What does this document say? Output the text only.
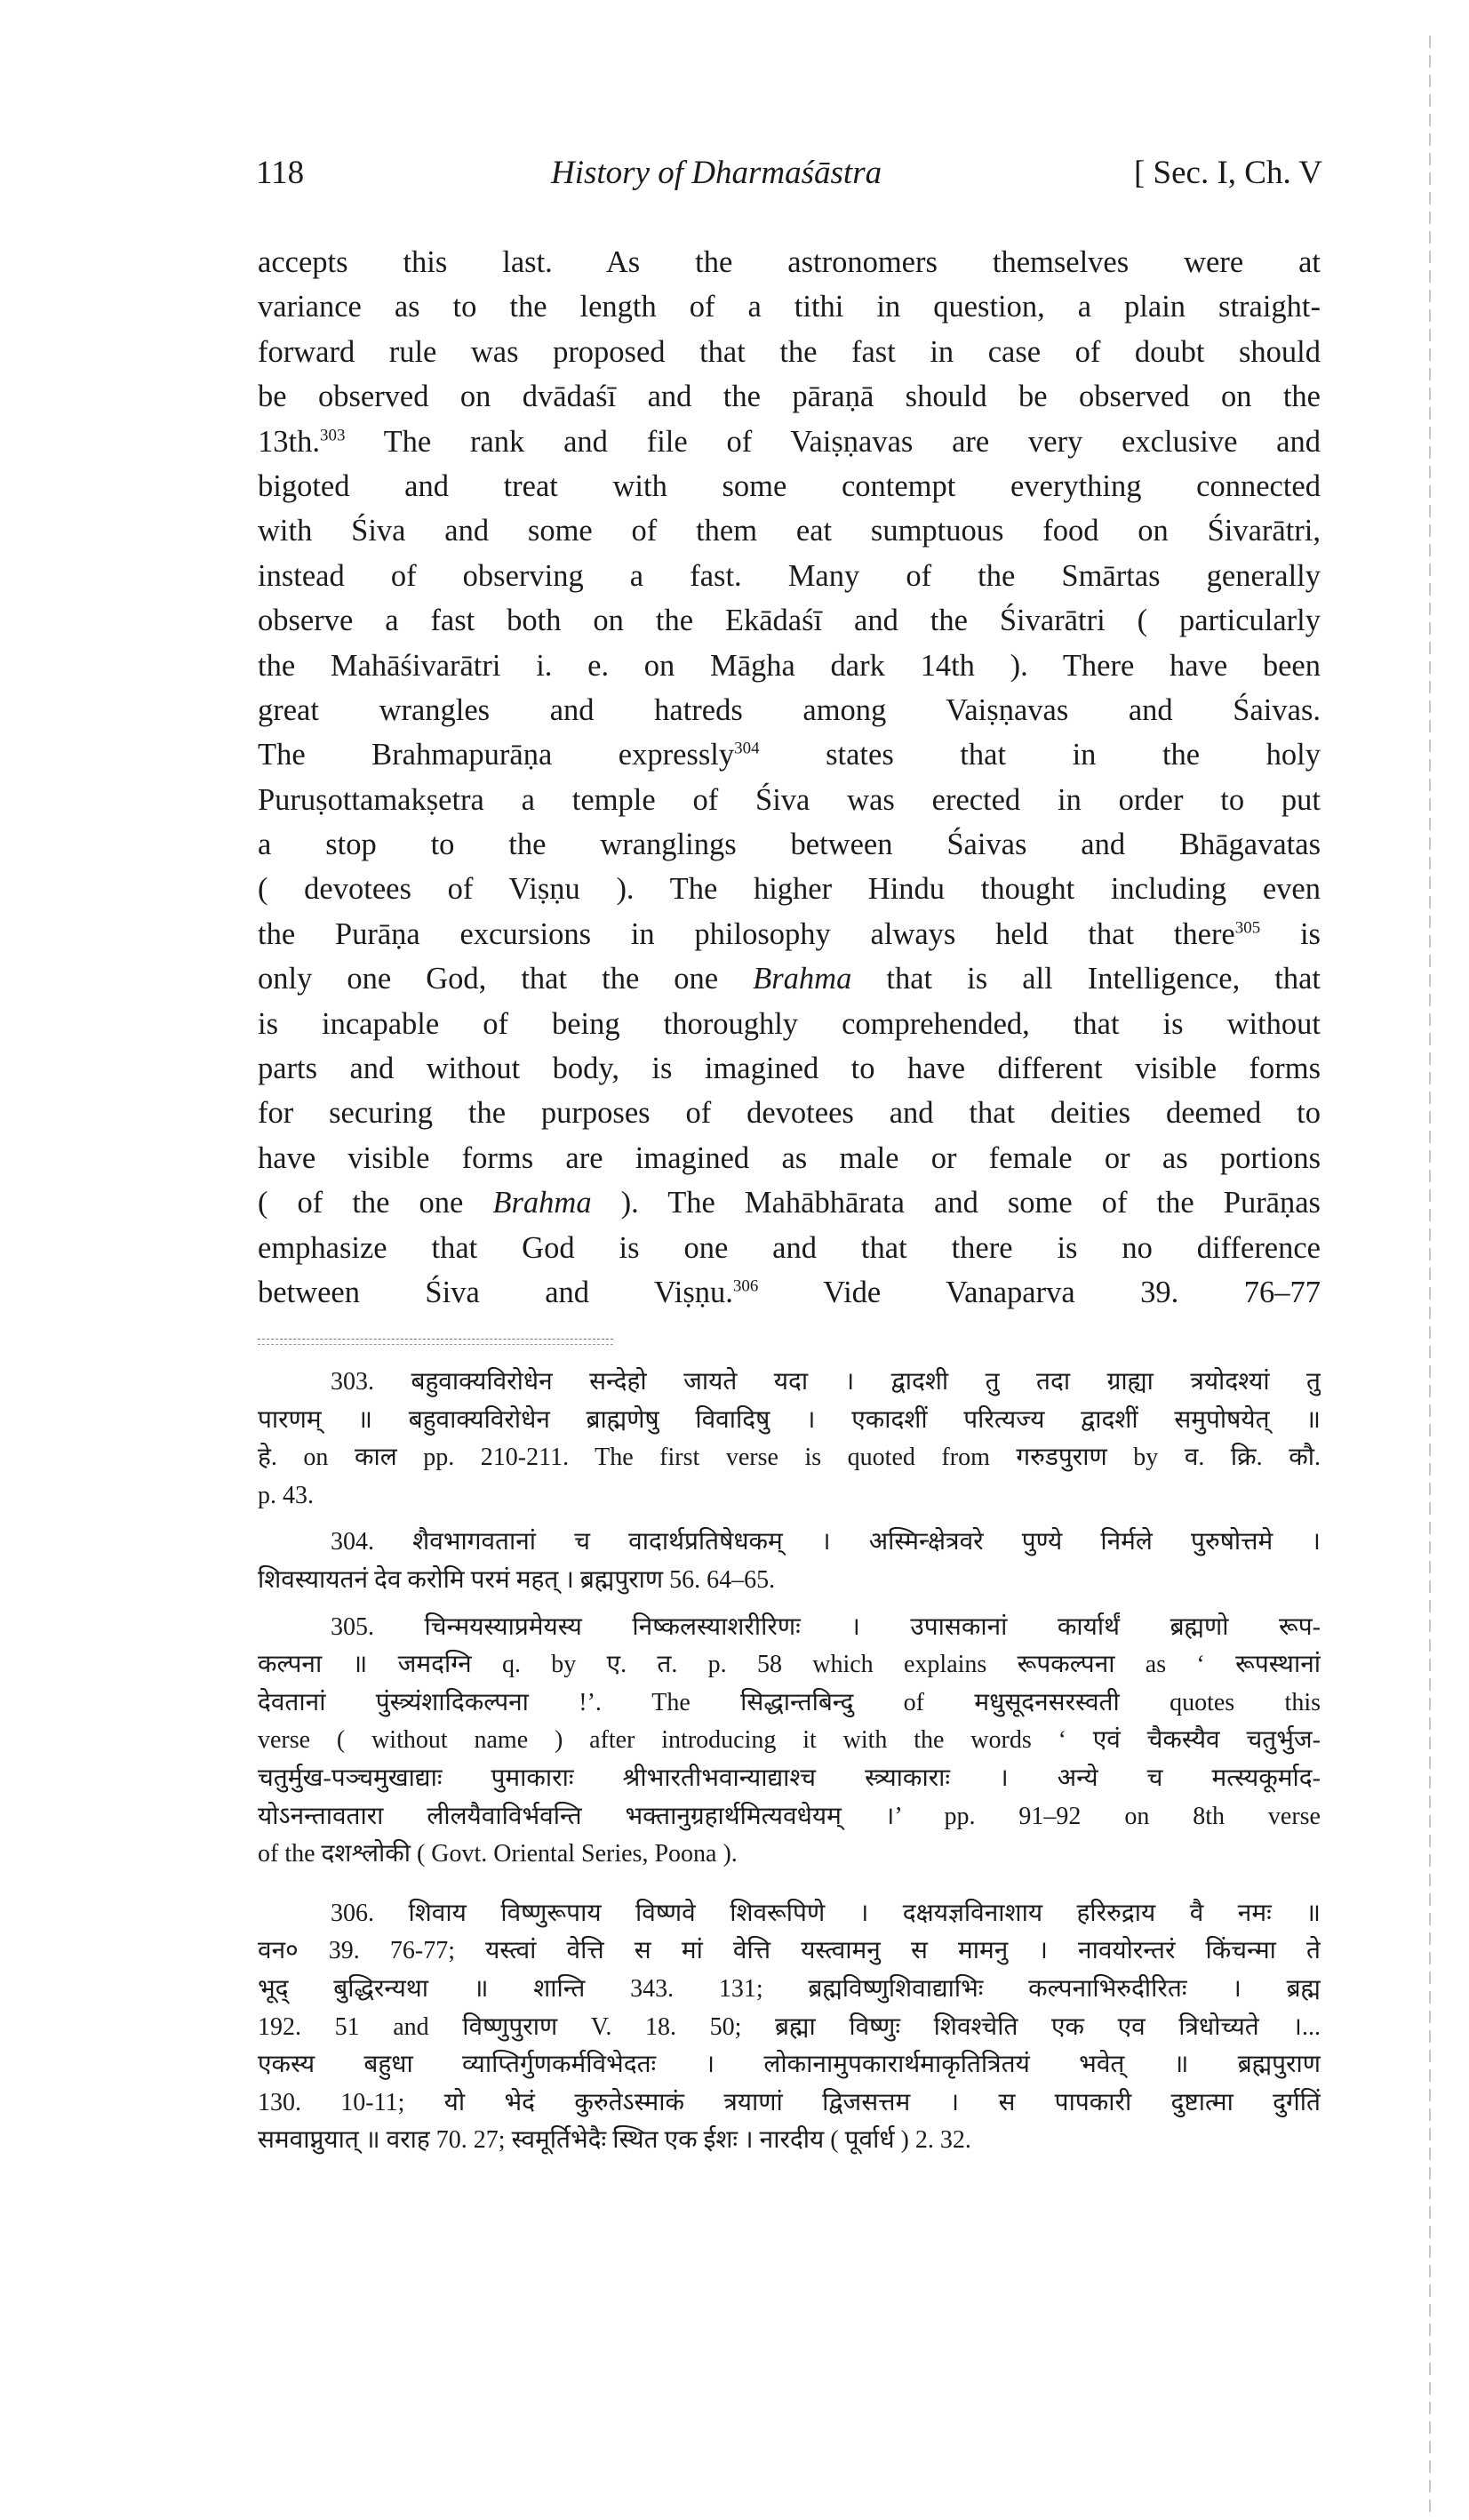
118	History of Dharmaśāstra	[ Sec. I, Ch. V
accepts this last. As the astronomers themselves were at
variance as to the length of a tithi in question, a plain straight-
forward rule was proposed that the fast in case of doubt should
be observed on dvādaśī and the pāraṇā should be observed on the
13th.$^{303}$ The rank and file of Vaiṣṇavas are very exclusive and
bigoted and treat with some contempt everything connected
with Śiva and some of them eat sumptuous food on Śivarātri,
instead of observing a fast. Many of the Smārtas generally
observe a fast both on the Ekādaśī and the Śivarātri ( particularly
the Mahāśivarātri i. e. on Māgha dark 14th ). There have been
great wrangles and hatreds among Vaiṣṇavas and Śaivas.
The Brahmapurāṇa expressly$^{304}$ states that in the holy
Puruṣottamakṣetra a temple of Śiva was erected in order to put
a stop to the wranglings between Śaivas and Bhāgavatas
( devotees of Viṣṇu ). The higher Hindu thought including even
the Purāṇa excursions in philosophy always held that there$^{305}$ is
only one God, that the one Brahma that is all Intelligence, that
is incapable of being thoroughly comprehended, that is without
parts and without body, is imagined to have different visible forms
for securing the purposes of devotees and that deities deemed to
have visible forms are imagined as male or female or as portions
( of the one Brahma ). The Mahābhārata and some of the Purāṇas
emphasize that God is one and that there is no difference
between Śiva and Viṣṇu.$^{306}$ Vide Vanaparva 39. 76–77
303. बहुवाक्यविरोधेन सन्देहो जायते यदा । द्वादशी तु तदा ग्राह्या त्रयोदश्यां तु
पारणम् ॥ बहुवाक्यविरोधेन ब्राह्मणेषु विवादिषु । एकादशीं परित्यज्य द्वादशीं समुपोषयेत् ॥
हे. on काल pp. 210-211. The first verse is quoted from गरुडपुराण by व. क्रि. कौ.
p. 43.
304. शैवभागवतानां च वादार्थप्रतिषेधकम् । अस्मिन्क्षेत्रवरे पुण्ये निर्मले पुरुषोत्तमे ।
शिवस्यायतनं देव करोमि परमं महत् । ब्रह्मपुराण 56. 64–65.
305. चिन्मयस्याप्रमेयस्य निष्कलस्याशरीरिणः । उपासकानां कार्यार्थं ब्रह्मणो रूप-
कल्पना ॥ जमदग्नि q. by ए. त. p. 58 which explains रूपकल्पना as ‘ रूपस्थानां
देवतानां पुंस्त्र्यंशादिकल्पना !’. The सिद्धान्तबिन्दु of मधुसूदनसरस्वती quotes this
verse ( without name ) after introducing it with the words ‘ एवं चैकस्यैव चतुर्भुज-
चतुर्मुख-पञ्चमुखाद्याः पुमाकाराः श्रीभारतीभवान्याद्याश्च स्त्र्याकाराः । अन्ये च मत्स्यकूर्माद-
योऽनन्तावतारा लीलयैवाविर्भवन्ति भक्तानुग्रहार्थमित्यवधेयम् ।’ pp. 91–92 on 8th verse
of the दशश्लोकी ( Govt. Oriental Series, Poona ).
306. शिवाय विष्णुरूपाय विष्णवे शिवरूपिणे । दक्षयज्ञविनाशाय हरिरुद्राय वै नमः ॥
वन० 39. 76-77; यस्त्वां वेत्ति स मां वेत्ति यस्त्वामनु स मामनु । नावयोरन्तरं किंचन्मा ते
भूद् बुद्धिरन्यथा ॥ शान्ति 343. 131; ब्रह्मविष्णुशिवाद्याभिः कल्पनाभिरुदीरितः । ब्रह्म
192. 51 and विष्णुपुराण V. 18. 50; ब्रह्मा विष्णुः शिवश्चेति एक एव त्रिधोच्यते ।...
एकस्य बहुधा व्याप्तिर्गुणकर्मविभेदतः । लोकानामुपकारार्थमाकृतित्रितयं भवेत् ॥ ब्रह्मपुराण
130. 10-11; यो भेदं कुरुतेऽस्माकं त्रयाणां द्विजसत्तम । स पापकारी दुष्टात्मा दुर्गतिं
समवाप्नुयात् ॥ वराह 70. 27; स्वमूर्तिभेदैः स्थित एक ईशः । नारदीय ( पूर्वार्ध ) 2. 32.
